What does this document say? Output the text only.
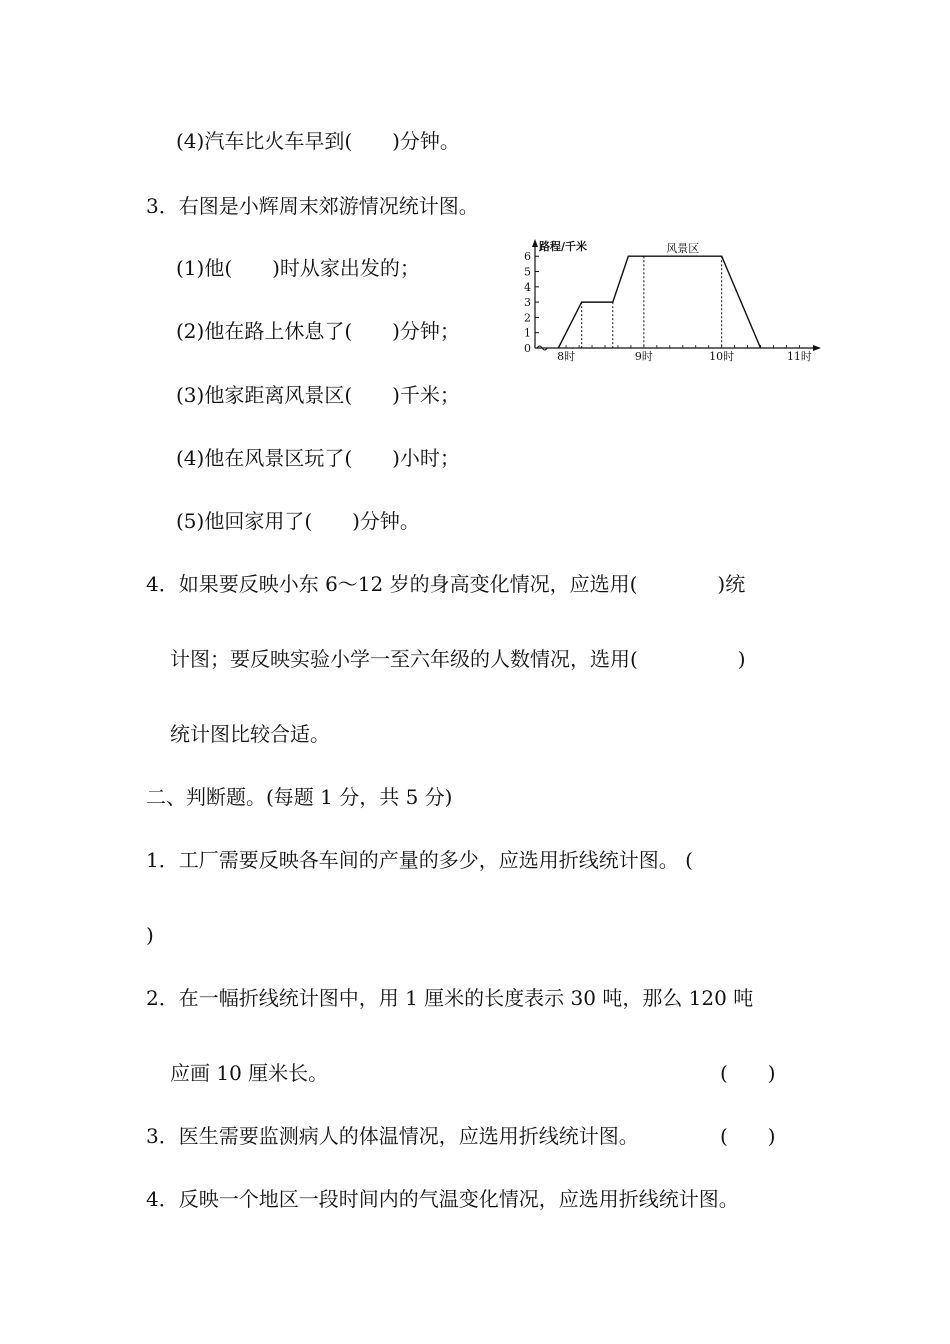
(4)汽车比火车早到(　　)分钟。
3．右图是小辉周末郊游情况统计图。
(1)他(　　)时从家出发的；
(2)他在路上休息了(　　)分钟；
(3)他家距离风景区(　　)千米；
(4)他在风景区玩了(　　)小时；
(5)他回家用了(　　)分钟。
4．如果要反映小东 6～12 岁的身高变化情况，应选用(　　　　)统
计图；要反映实验小学一至六年级的人数情况，选用(　　　　　)
统计图比较合适。
二、判断题。(每题 1 分，共 5 分)
1．工厂需要反映各车间的产量的多少，应选用折线统计图。 (
)
2．在一幅折线统计图中，用 1 厘米的长度表示 30 吨，那么 120 吨
应画 10 厘米长。	(　　)
3．医生需要监测病人的体温情况，应选用折线统计图。	(　　)
4．反映一个地区一段时间内的气温变化情况，应选用折线统计图。
0
1
2
3
4
5
6
8时	9时	10时	11时
路程/千米	风景区
